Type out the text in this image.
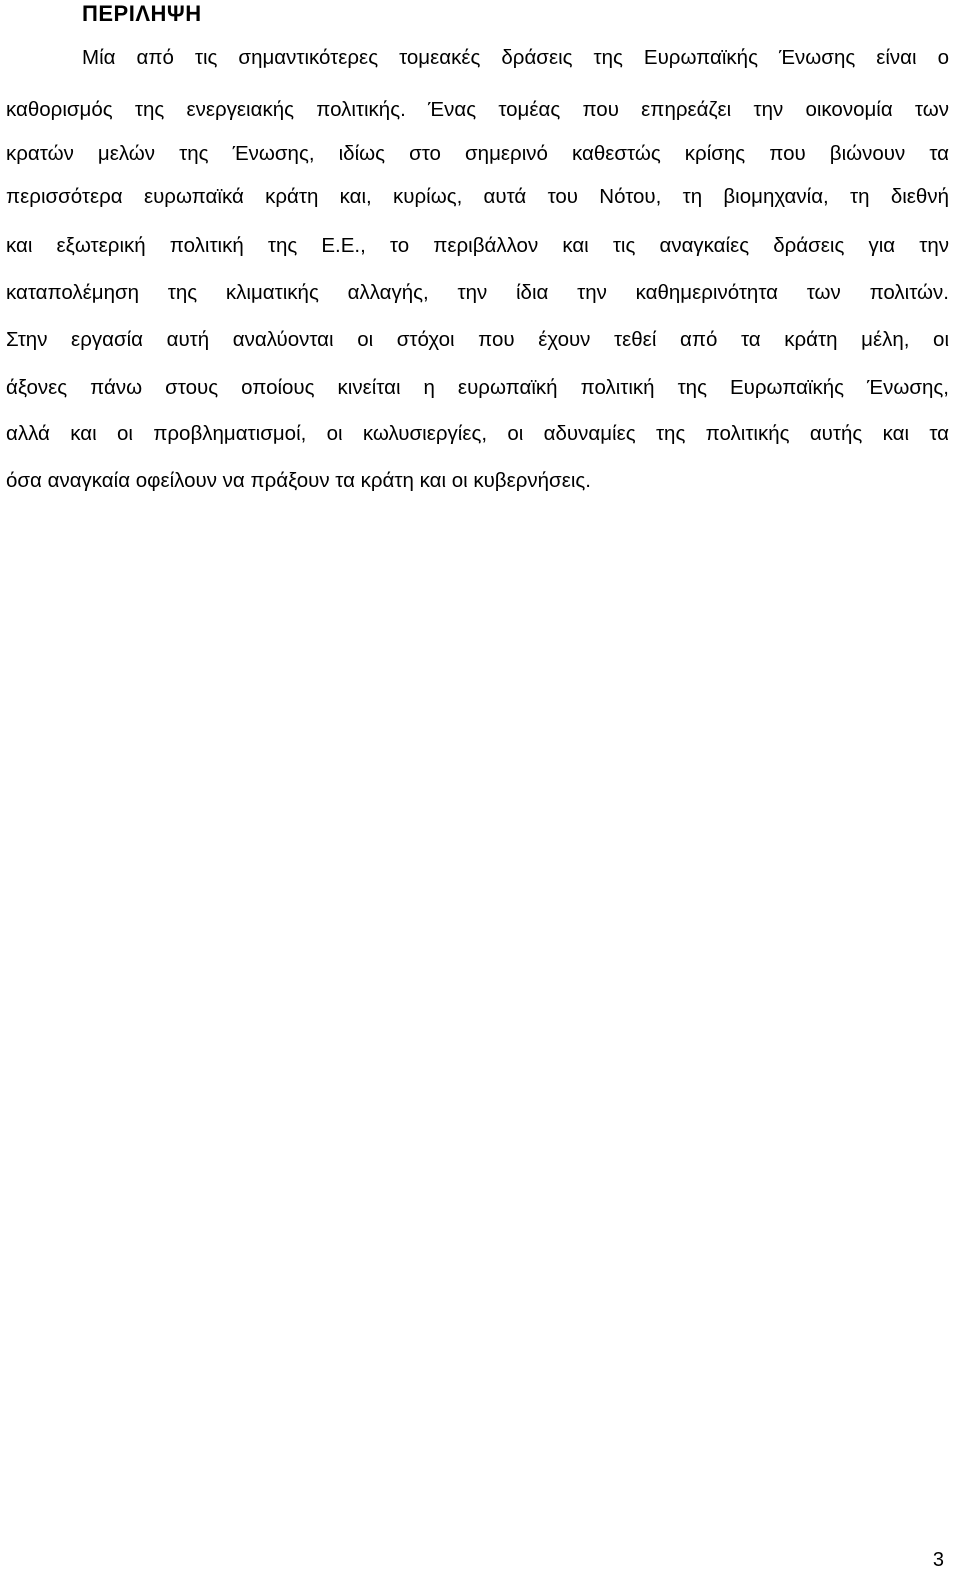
ΠΕΡΙΛΗΨΗ
Μία από τις σημαντικότερες τομεακές δράσεις της Ευρωπαϊκής Ένωσης είναι ο
καθορισμός της ενεργειακής πολιτικής. Ένας τομέας που επηρεάζει την οικονομία των
κρατών μελών της Ένωσης, ιδίως στο σημερινό καθεστώς κρίσης που βιώνουν τα
περισσότερα ευρωπαϊκά κράτη και, κυρίως, αυτά του Νότου, τη βιομηχανία, τη διεθνή
και εξωτερική πολιτική της Ε.Ε., το περιβάλλον και τις αναγκαίες δράσεις για την
καταπολέμηση της κλιματικής αλλαγής, την ίδια την καθημερινότητα των πολιτών.
Στην εργασία αυτή αναλύονται οι στόχοι που έχουν τεθεί από τα κράτη μέλη, οι
άξονες πάνω στους οποίους κινείται η ευρωπαϊκή πολιτική της Ευρωπαϊκής Ένωσης,
αλλά και οι προβληματισμοί, οι κωλυσιεργίες, οι αδυναμίες της πολιτικής αυτής και τα
όσα αναγκαία οφείλουν να πράξουν τα κράτη και οι κυβερνήσεις.
3
